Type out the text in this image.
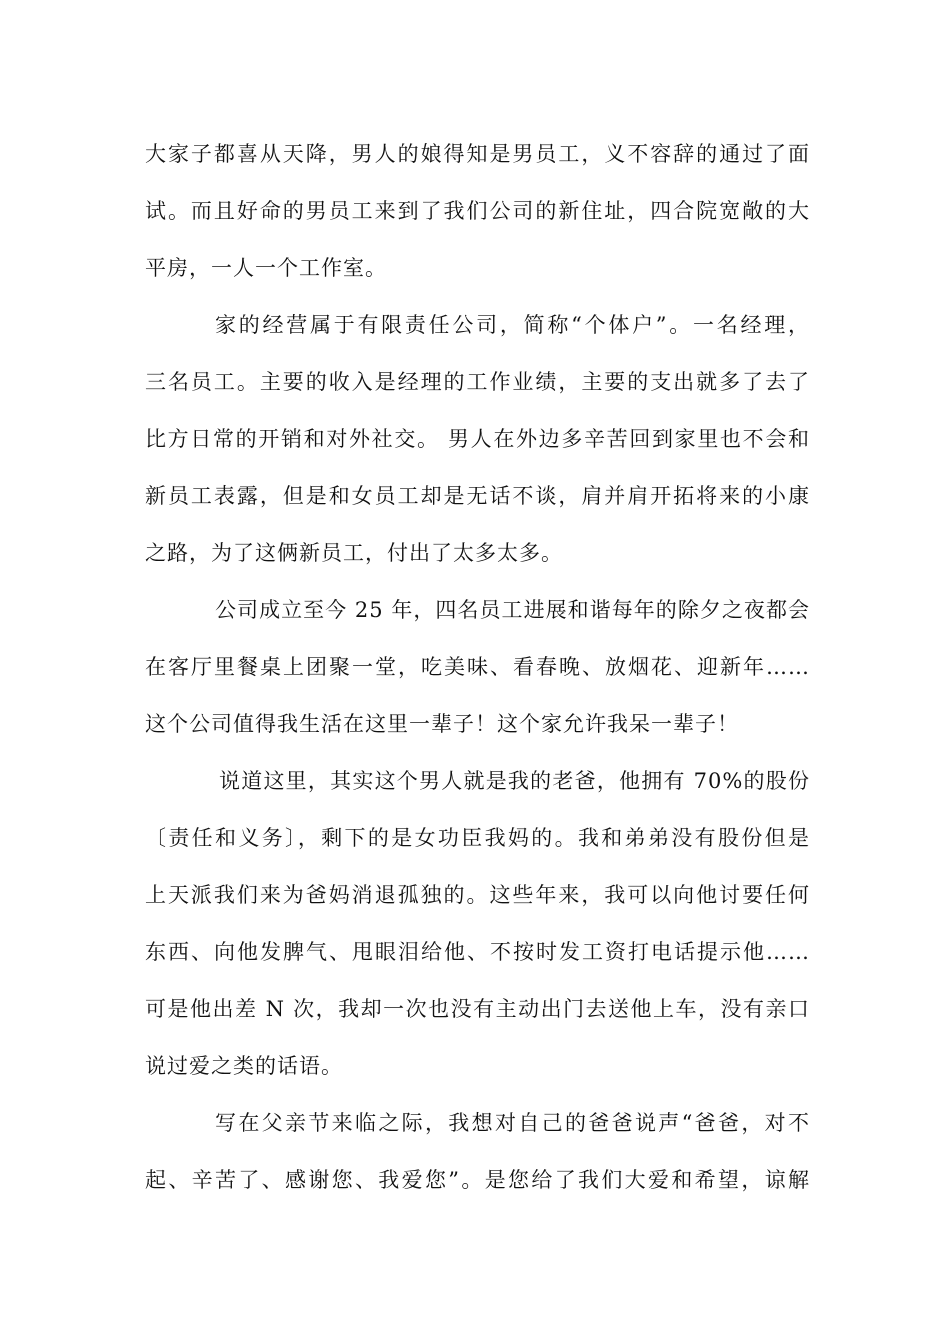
大家子都喜从天降，男人的娘得知是男员工，义不容辞的通过了面
试。而且好命的男员工来到了我们公司的新住址，四合院宽敞的大
平房，一人一个工作室。
家的经营属于有限责任公司，简称“个体户”。一名经理，
三名员工。主要的收入是经理的工作业绩，主要的支出就多了去了
比方日常的开销和对外社交。 男人在外边多辛苦回到家里也不会和
新员工表露，但是和女员工却是无话不谈，肩并肩开拓将来的小康
之路，为了这俩新员工，付出了太多太多。
公司成立至今 25 年，四名员工进展和谐每年的除夕之夜都会
在客厅里餐桌上团聚一堂，吃美味、看春晚、放烟花、迎新年……
这个公司值得我生活在这里一辈子！这个家允许我呆一辈子！
说道这里，其实这个男人就是我的老爸，他拥有 70%的股份
〔责任和义务〕，剩下的是女功臣我妈的。我和弟弟没有股份但是
上天派我们来为爸妈消退孤独的。这些年来，我可以向他讨要任何
东西、向他发脾气、甩眼泪给他、不按时发工资打电话提示他……
可是他出差 N 次，我却一次也没有主动出门去送他上车，没有亲口
说过爱之类的话语。
写在父亲节来临之际，我想对自己的爸爸说声“爸爸，对不
起、辛苦了、感谢您、我爱您”。是您给了我们大爱和希望，谅解
